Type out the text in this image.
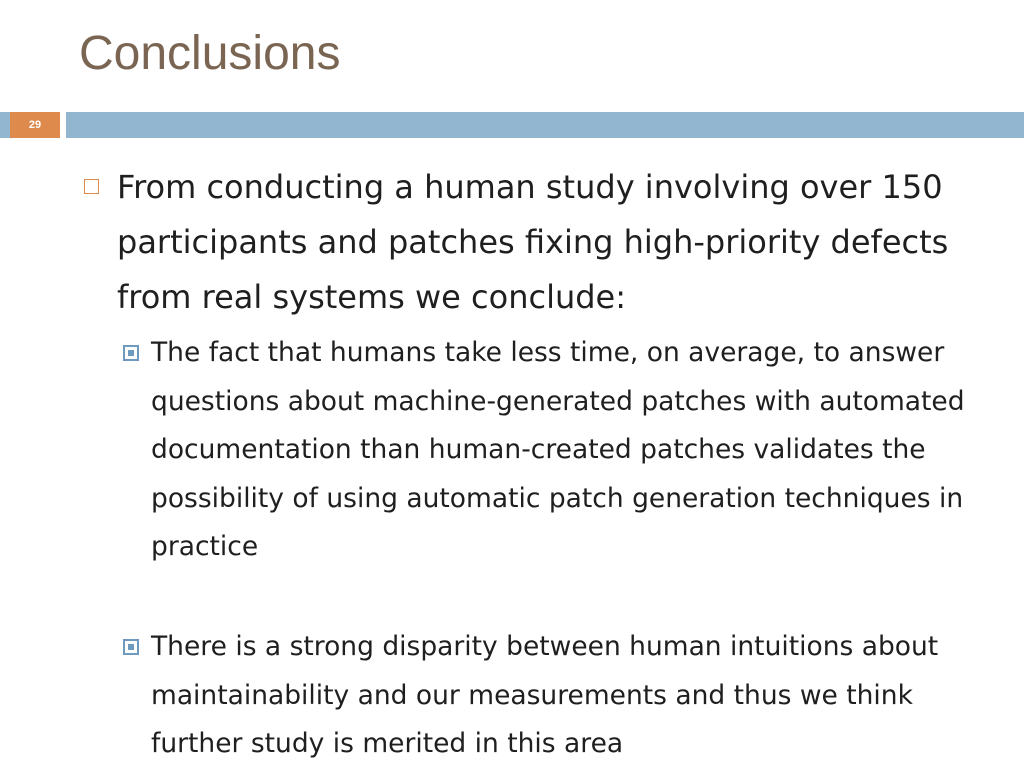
Conclusions
29
From conducting a human study involving over 150 participants and patches fixing high-priority defects from real systems we conclude:
The fact that humans take less time, on average, to answer questions about machine-generated patches with automated documentation than human-created patches validates the possibility of using automatic patch generation techniques in practice
There is a strong disparity between human intuitions about maintainability and our measurements and thus we think further study is merited in this area
